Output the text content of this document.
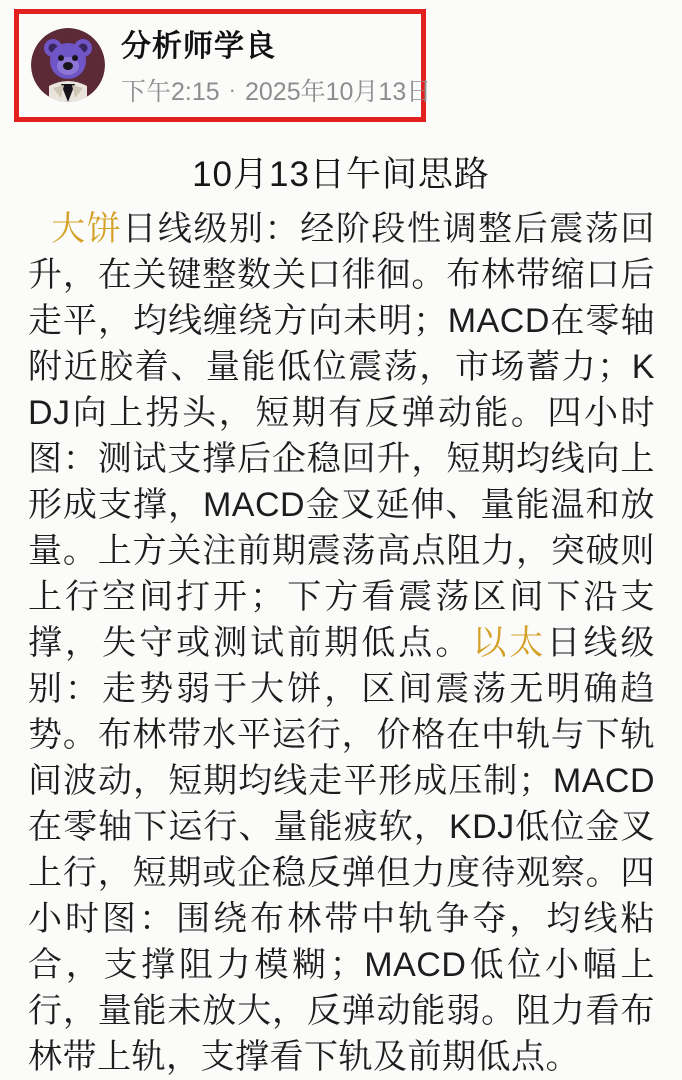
分析师学良
下午2:15 · 2025年10月13日
10月13日午间思路

大饼日线级别：经阶段性调整后震荡回升，在关键整数关口徘徊。布林带缩口后走平，均线缠绕方向未明；MACD在零轴附近胶着、量能低位震荡，市场蓄力；KDJ向上拐头，短期有反弹动能。四小时图：测试支撑后企稳回升，短期均线向上形成支撑，MACD金叉延伸、量能温和放量。上方关注前期震荡高点阻力，突破则上行空间打开；下方看震荡区间下沿支撑，失守或测试前期低点。以太日线级别：走势弱于大饼，区间震荡无明确趋势。布林带水平运行，价格在中轨与下轨间波动，短期均线走平形成压制；MACD在零轴下运行、量能疲软，KDJ低位金叉上行，短期或企稳反弹但力度待观察。四小时图：围绕布林带中轨争夺，均线粘合，支撑阻力模糊；MACD低位小幅上行，量能未放大，反弹动能弱。阻力看布林带上轨，支撑看下轨及前期低点。
